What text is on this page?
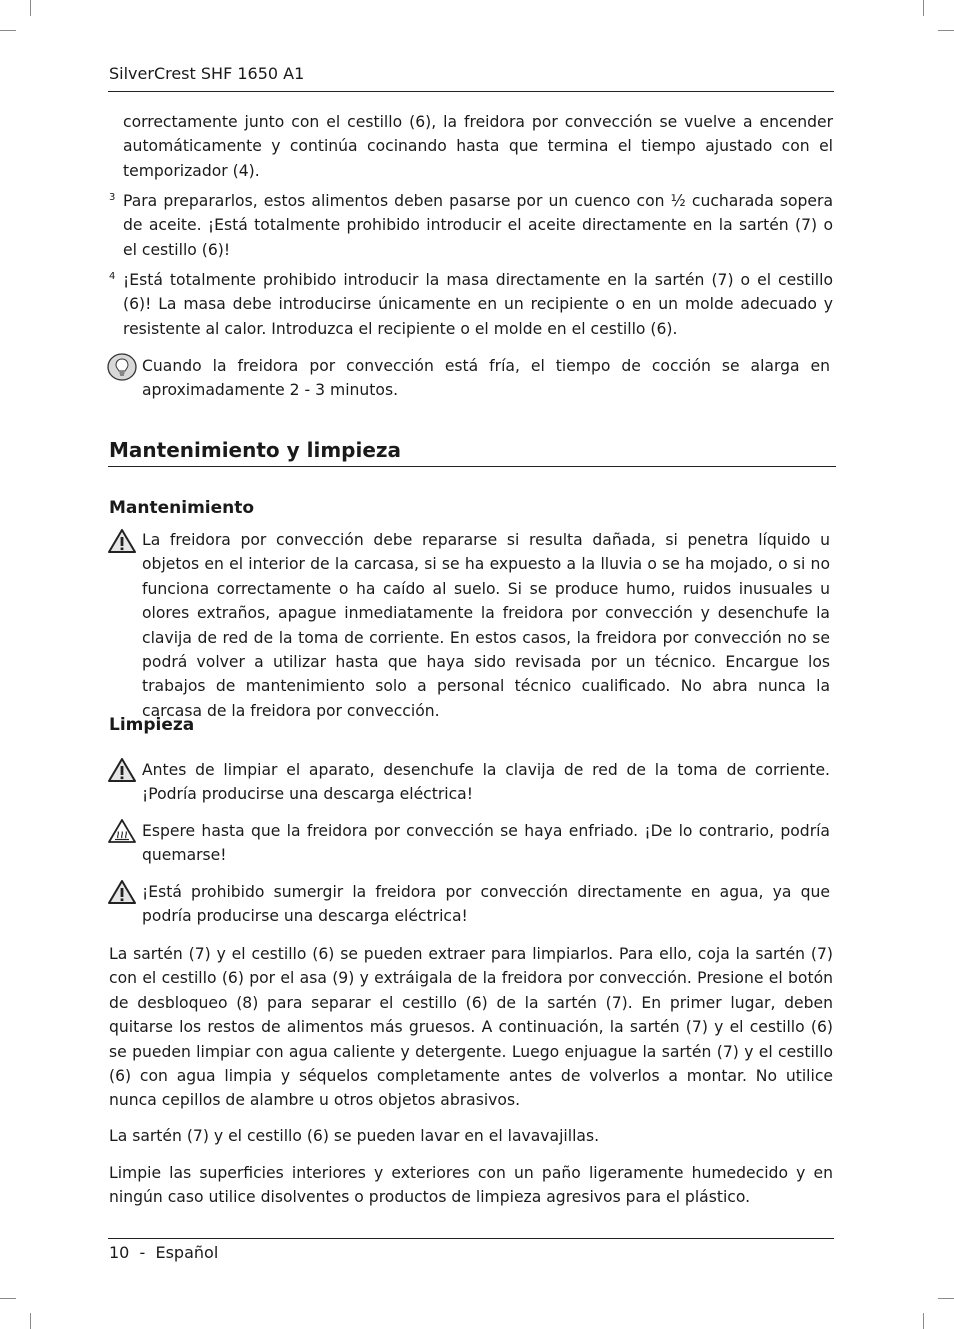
SilverCrest SHF 1650 A1

correctamente junto con el cestillo (6), la freidora por convección se vuelve a encender automáticamente y continúa cocinando hasta que termina el tiempo ajustado con el temporizador (4).

3 Para prepararlos, estos alimentos deben pasarse por un cuenco con ½ cucharada sopera de aceite. ¡Está totalmente prohibido introducir el aceite directamente en la sartén (7) o el cestillo (6)!

4 ¡Está totalmente prohibido introducir la masa directamente en la sartén (7) o el cestillo (6)! La masa debe introducirse únicamente en un recipiente o en un molde adecuado y resistente al calor. Introduzca el recipiente o el molde en el cestillo (6).

Cuando la freidora por convección está fría, el tiempo de cocción se alarga en aproximadamente 2 - 3 minutos.

Mantenimiento y limpieza
Mantenimiento

La freidora por convección debe repararse si resulta dañada, si penetra líquido u objetos en el interior de la carcasa, si se ha expuesto a la lluvia o se ha mojado, o si no funciona correctamente o ha caído al suelo. Si se produce humo, ruidos inusuales u olores extraños, apague inmediatamente la freidora por convección y desenchufe la clavija de red de la toma de corriente. En estos casos, la freidora por convección no se podrá volver a utilizar hasta que haya sido revisada por un técnico. Encargue los trabajos de mantenimiento solo a personal técnico cualificado. No abra nunca la carcasa de la freidora por convección.

Limpieza

Antes de limpiar el aparato, desenchufe la clavija de red de la toma de corriente. ¡Podría producirse una descarga eléctrica!

Espere hasta que la freidora por convección se haya enfriado. ¡De lo contrario, podría quemarse!

¡Está prohibido sumergir la freidora por convección directamente en agua, ya que podría producirse una descarga eléctrica!

La sartén (7) y el cestillo (6) se pueden extraer para limpiarlos. Para ello, coja la sartén (7) con el cestillo (6) por el asa (9) y extráigala de la freidora por convección. Presione el botón de desbloqueo (8) para separar el cestillo (6) de la sartén (7). En primer lugar, deben quitarse los restos de alimentos más gruesos. A continuación, la sartén (7) y el cestillo (6) se pueden limpiar con agua caliente y detergente. Luego enjuague la sartén (7) y el cestillo (6) con agua limpia y séquelos completamente antes de volverlos a montar. No utilice nunca cepillos de alambre u otros objetos abrasivos.

La sartén (7) y el cestillo (6) se pueden lavar en el lavavajillas.

Limpie las superficies interiores y exteriores con un paño ligeramente humedecido y en ningún caso utilice disolventes o productos de limpieza agresivos para el plástico.

10  -  Español
